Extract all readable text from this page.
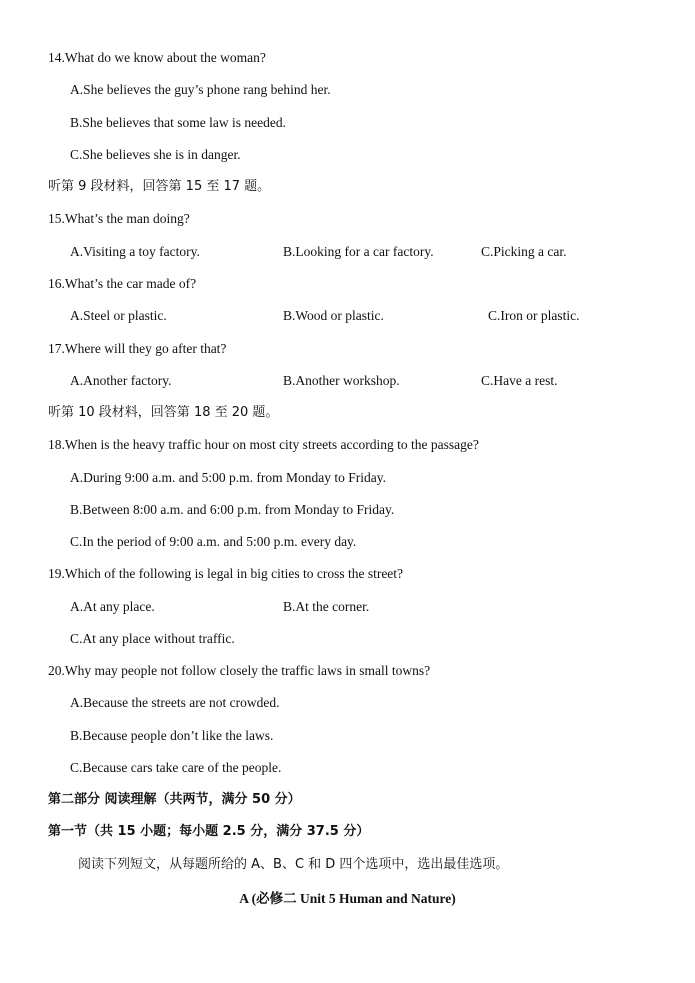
14.What do we know about the woman?
A.She believes the guy’s phone rang behind her.
B.She believes that some law is needed.
C.She believes she is in danger.
听第 9 段材料，回答第 15 至 17 题。
15.What’s the man doing?
A.Visiting a toy factory.	B.Looking for a car factory.	C.Picking a car.
16.What’s the car made of?
A.Steel or plastic.	B.Wood or plastic.	C.Iron or plastic.
17.Where will they go after that?
A.Another factory.	B.Another workshop.	C.Have a rest.
听第 10 段材料，回答第 18 至 20 题。
18.When is the heavy traffic hour on most city streets according to the passage?
A.During 9:00 a.m. and 5:00 p.m. from Monday to Friday.
B.Between 8:00 a.m. and 6:00 p.m. from Monday to Friday.
C.In the period of 9:00 a.m. and 5:00 p.m. every day.
19.Which of the following is legal in big cities to cross the street?
A.At any place.	B.At the corner.
C.At any place without traffic.
20.Why may people not follow closely the traffic laws in small towns?
A.Because the streets are not crowded.
B.Because people don’t like the laws.
C.Because cars take care of the people.
第二部分 阅读理解（共两节，满分 50 分）
第一节（共 15 小题；每小题 2.5 分，满分 37.5 分）
阅读下列短文，从每题所给的 A、B、C 和 D 四个选项中，选出最佳选项。
A (必修二 Unit 5 Human and Nature)
